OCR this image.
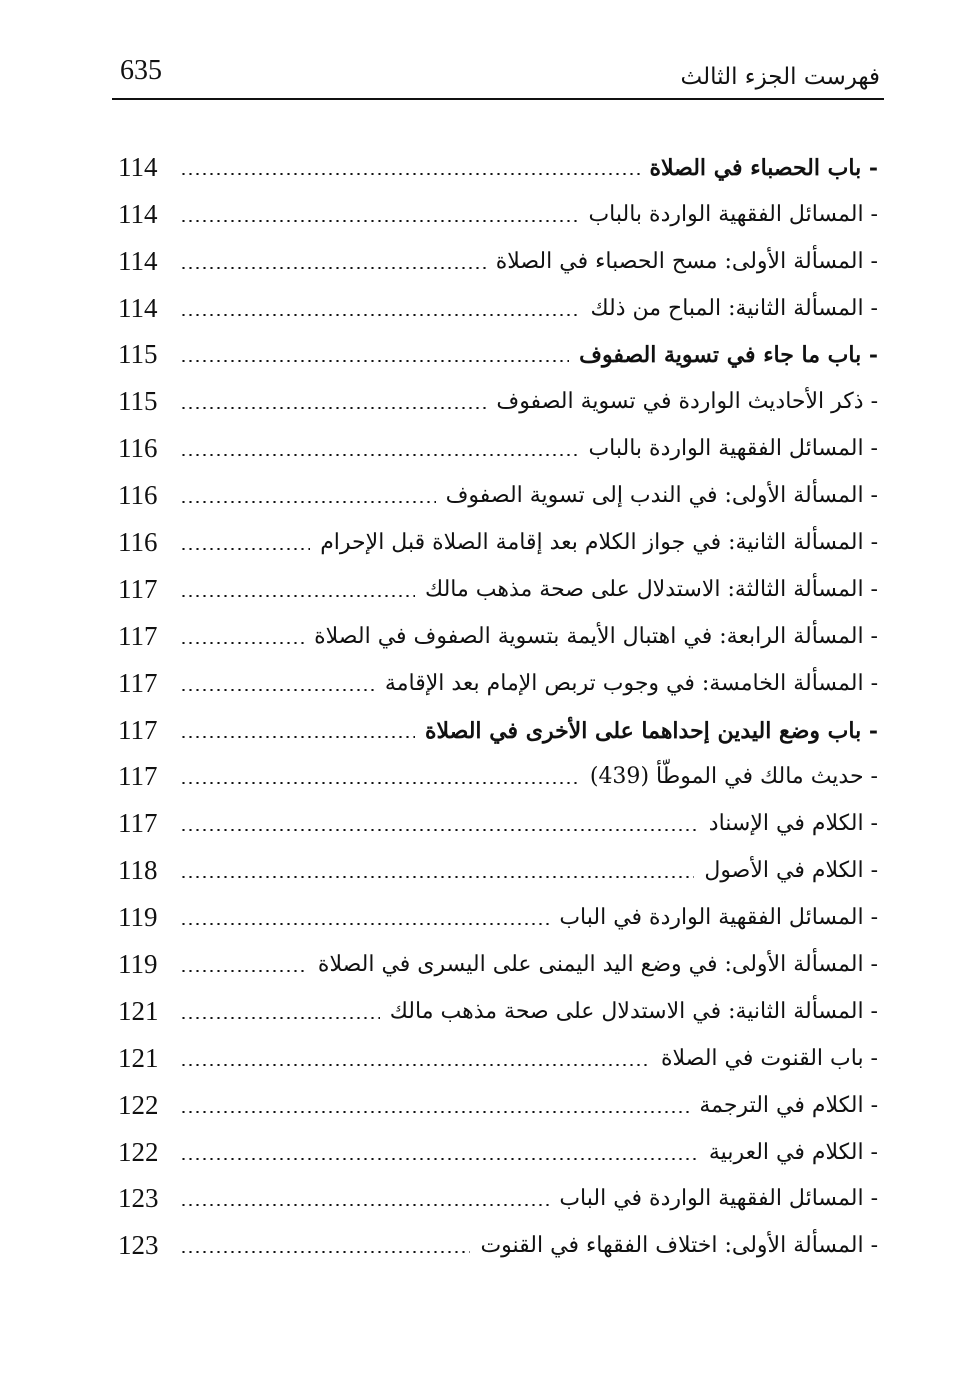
635	فهرست الجزء الثالث
- باب الحصباء في الصلاة
114
- المسائل الفقهية الواردة بالباب
114
- المسألة الأولى: مسح الحصباء في الصلاة
114
- المسألة الثانية: المباح من ذلك
114
- باب ما جاء في تسوية الصفوف
115
- ذكر الأحاديث الواردة في تسوية الصفوف
115
- المسائل الفقهية الواردة بالباب
116
- المسألة الأولى: في الندب إلى تسوية الصفوف
116
- المسألة الثانية: في جواز الكلام بعد إقامة الصلاة قبل الإحرام
116
- المسألة الثالثة: الاستدلال على صحة مذهب مالك
117
- المسألة الرابعة: في اهتبال الأيمة بتسوية الصفوف في الصلاة
117
- المسألة الخامسة: في وجوب تربص الإمام بعد الإقامة
117
- باب وضع اليدين إحداهما على الأخرى في الصلاة
117
- حديث مالك في الموطّأ (439)
117
- الكلام في الإسناد
117
- الكلام في الأصول
118
- المسائل الفقهية الواردة في الباب
119
- المسألة الأولى: في وضع اليد اليمنى على اليسرى في الصلاة
119
- المسألة الثانية: في الاستدلال على صحة مذهب مالك
121
- باب القنوت في الصلاة
121
- الكلام في الترجمة
122
- الكلام في العربية
122
- المسائل الفقهية الواردة في الباب
123
- المسألة الأولى: اختلاف الفقهاء في القنوت
123
